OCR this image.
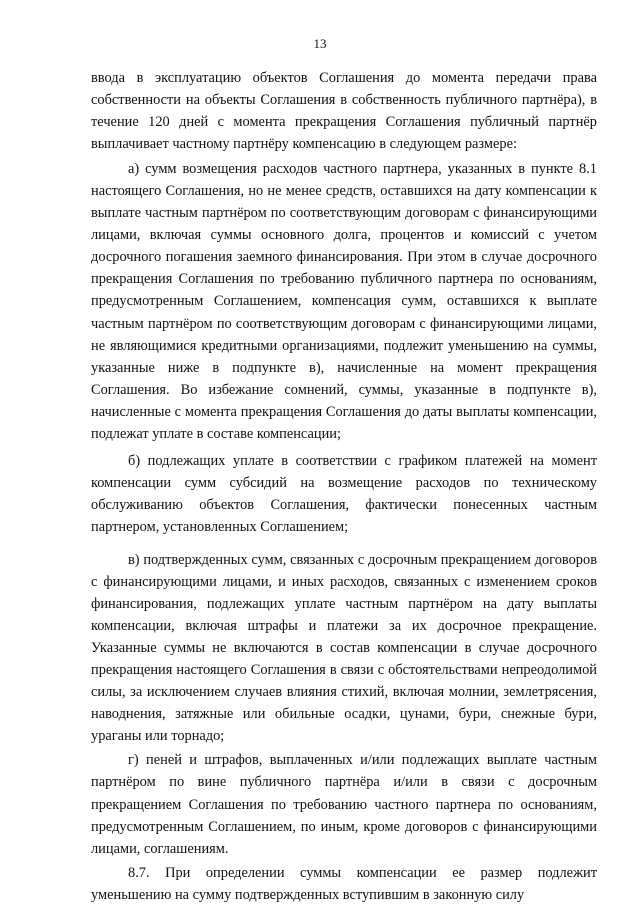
13

ввода в эксплуатацию объектов Соглашения до момента передачи права собственности на объекты Соглашения в собственность публичного партнёра), в течение 120 дней с момента прекращения Соглашения публичный партнёр выплачивает частному партнёру компенсацию в следующем размере:

а) сумм возмещения расходов частного партнера, указанных в пункте 8.1 настоящего Соглашения, но не менее средств, оставшихся на дату компенсации к выплате частным партнёром по соответствующим договорам с финансирующими лицами, включая суммы основного долга, процентов и комиссий с учетом досрочного погашения заемного финансирования. При этом в случае досрочного прекращения Соглашения по требованию публичного партнера по основаниям, предусмотренным Соглашением, компенсация сумм, оставшихся к выплате частным партнёром по соответствующим договорам с финансирующими лицами, не являющимися кредитными организациями, подлежит уменьшению на суммы, указанные ниже в подпункте в), начисленные на момент прекращения Соглашения. Во избежание сомнений, суммы, указанные в подпункте в), начисленные с момента прекращения Соглашения до даты выплаты компенсации, подлежат уплате в составе компенсации;

б) подлежащих уплате в соответствии с графиком платежей на момент компенсации сумм субсидий на возмещение расходов по техническому обслуживанию объектов Соглашения, фактически понесенных частным партнером, установленных Соглашением;

в) подтвержденных сумм, связанных с досрочным прекращением договоров с финансирующими лицами, и иных расходов, связанных с изменением сроков финансирования, подлежащих уплате частным партнёром на дату выплаты компенсации, включая штрафы и платежи за их досрочное прекращение. Указанные суммы не включаются в состав компенсации в случае досрочного прекращения настоящего Соглашения в связи с обстоятельствами непреодолимой силы, за исключением случаев влияния стихий, включая молнии, землетрясения, наводнения, затяжные или обильные осадки, цунами, бури, снежные бури, ураганы или торнадо;

г) пеней и штрафов, выплаченных и/или подлежащих выплате частным партнёром по вине публичного партнёра и/или в связи с досрочным прекращением Соглашения по требованию частного партнера по основаниям, предусмотренным Соглашением, по иным, кроме договоров с финансирующими лицами, соглашениям.

8.7. При определении суммы компенсации ее размер подлежит уменьшению на сумму подтвержденных вступившим в законную силу
